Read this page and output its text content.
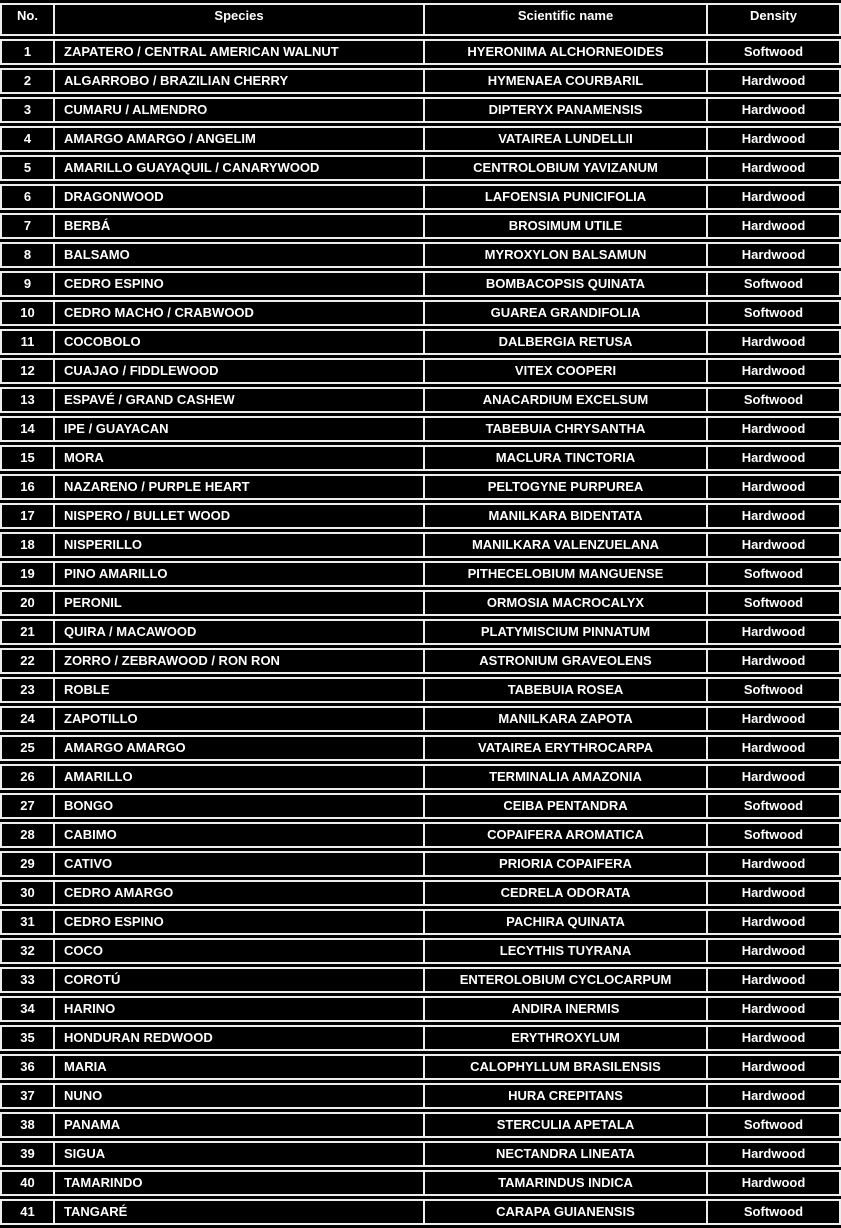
No.	Species	Scientific name	Density
1	ZAPATERO / CENTRAL AMERICAN WALNUT	HYERONIMA ALCHORNEOIDES	Softwood
2	ALGARROBO / BRAZILIAN CHERRY	HYMENAEA COURBARIL	Hardwood
3	CUMARU / ALMENDRO	DIPTERYX PANAMENSIS	Hardwood
4	AMARGO AMARGO / ANGELIM	VATAIREA LUNDELLII	Hardwood
5	AMARILLO GUAYAQUIL / CANARYWOOD	CENTROLOBIUM YAVIZANUM	Hardwood
6	DRAGONWOOD	LAFOENSIA PUNICIFOLIA	Hardwood
7	BERBÁ	BROSIMUM UTILE	Hardwood
8	BALSAMO	MYROXYLON BALSAMUN	Hardwood
9	CEDRO ESPINO	BOMBACOPSIS QUINATA	Softwood
10	CEDRO MACHO / CRABWOOD	GUAREA GRANDIFOLIA	Softwood
11	COCOBOLO	DALBERGIA RETUSA	Hardwood
12	CUAJAO / FIDDLEWOOD	VITEX COOPERI	Hardwood
13	ESPAVÉ / GRAND CASHEW	ANACARDIUM EXCELSUM	Softwood
14	IPE / GUAYACAN	TABEBUIA CHRYSANTHA	Hardwood
15	MORA	MACLURA TINCTORIA	Hardwood
16	NAZARENO / PURPLE HEART	PELTOGYNE PURPUREA	Hardwood
17	NISPERO / BULLET WOOD	MANILKARA BIDENTATA	Hardwood
18	NISPERILLO	MANILKARA VALENZUELANA	Hardwood
19	PINO AMARILLO	PITHECELOBIUM MANGUENSE	Softwood
20	PERONIL	ORMOSIA MACROCALYX	Softwood
21	QUIRA / MACAWOOD	PLATYMISCIUM PINNATUM	Hardwood
22	ZORRO / ZEBRAWOOD / RON RON	ASTRONIUM GRAVEOLENS	Hardwood
23	ROBLE	TABEBUIA ROSEA	Softwood
24	ZAPOTILLO	MANILKARA ZAPOTA	Hardwood
25	AMARGO AMARGO	VATAIREA ERYTHROCARPA	Hardwood
26	AMARILLO	TERMINALIA AMAZONIA	Hardwood
27	BONGO	CEIBA PENTANDRA	Softwood
28	CABIMO	COPAIFERA AROMATICA	Softwood
29	CATIVO	PRIORIA COPAIFERA	Hardwood
30	CEDRO AMARGO	CEDRELA ODORATA	Hardwood
31	CEDRO ESPINO	PACHIRA QUINATA	Hardwood
32	COCO	LECYTHIS TUYRANA	Hardwood
33	COROTÚ	ENTEROLOBIUM CYCLOCARPUM	Hardwood
34	HARINO	ANDIRA INERMIS	Hardwood
35	HONDURAN REDWOOD	ERYTHROXYLUM	Hardwood
36	MARIA	CALOPHYLLUM BRASILENSIS	Hardwood
37	NUNO	HURA CREPITANS	Hardwood
38	PANAMA	STERCULIA APETALA	Softwood
39	SIGUA	NECTANDRA LINEATA	Hardwood
40	TAMARINDO	TAMARINDUS INDICA	Hardwood
41	TANGARÉ	CARAPA GUIANENSIS	Softwood
